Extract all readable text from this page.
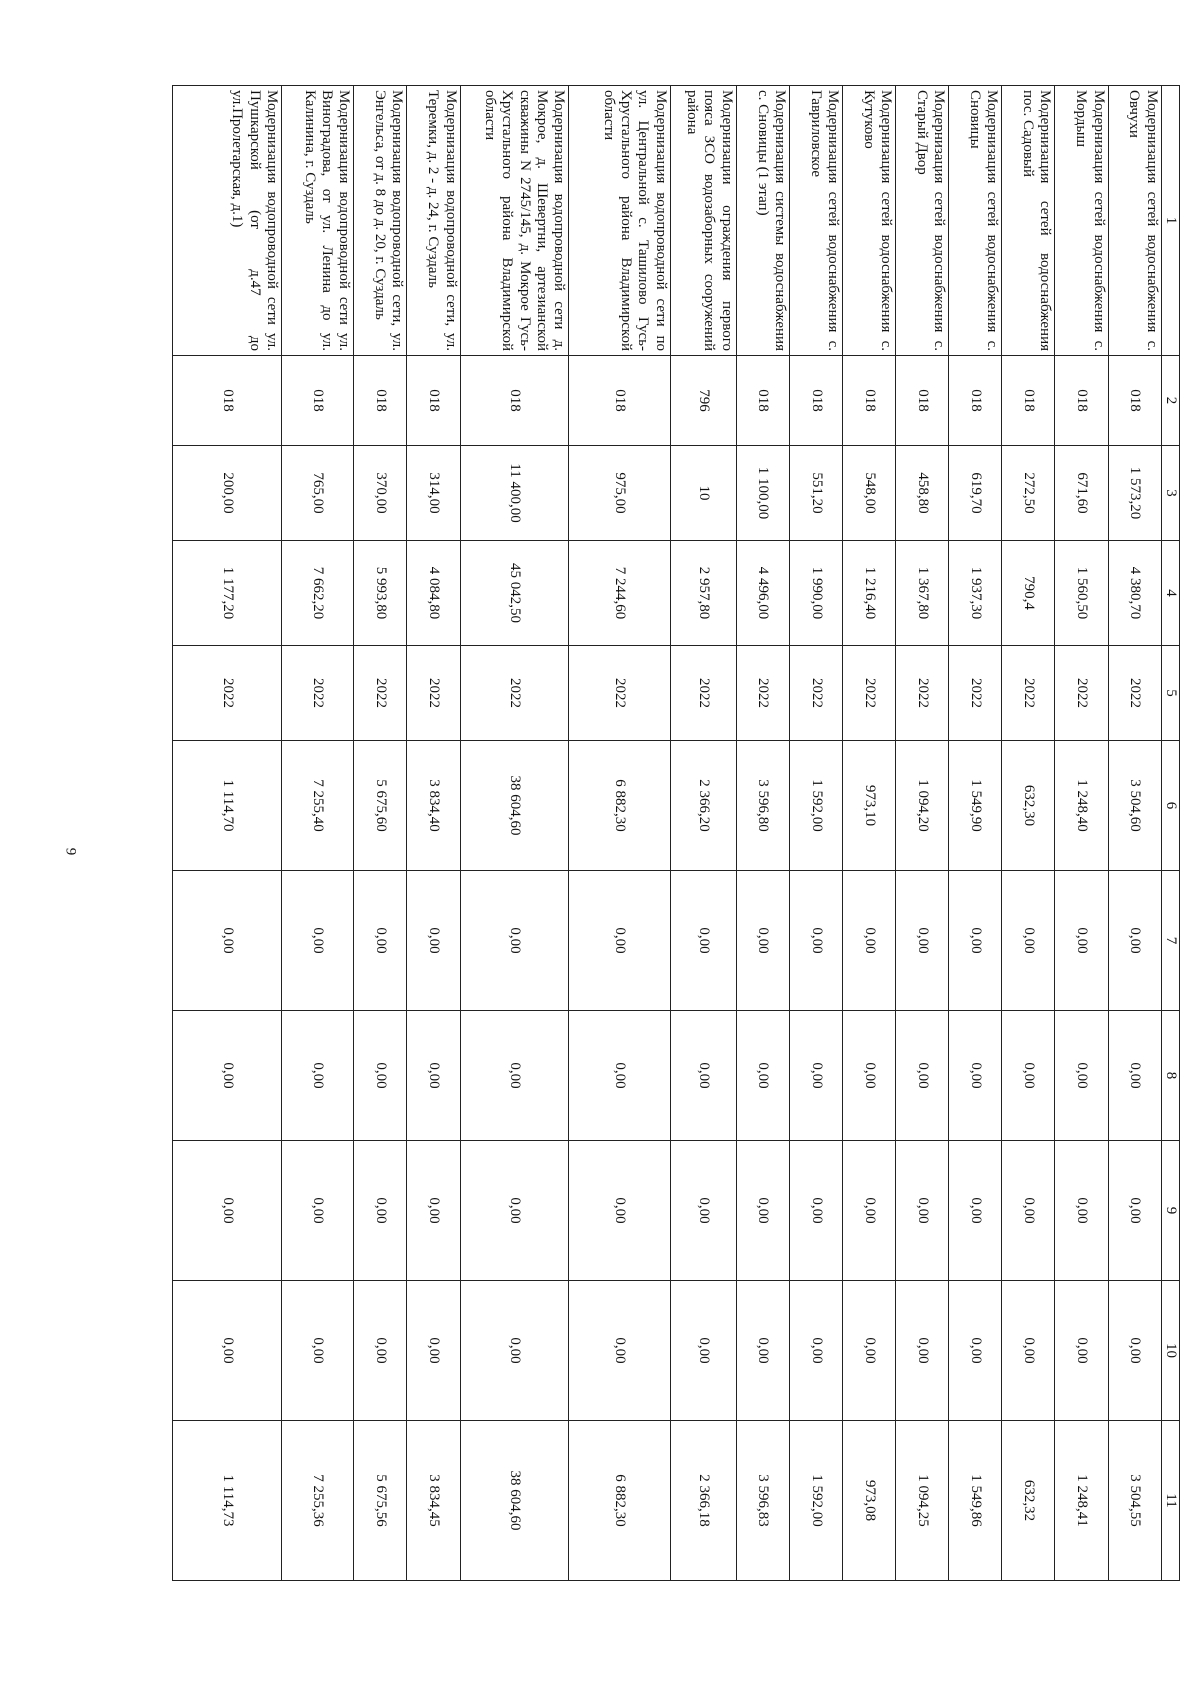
9
1	2	3	4	5	6	7	8	9	10	11
Модернизация сетей водоснабжения с. Овчухи	018	1 573,20	4 380,70	2022	3 504,60	0,00	0,00	0,00	0,00	3 504,55
Модернизация сетей водоснабжения с. Мордыш	018	671,60	1 560,50	2022	1 248,40	0,00	0,00	0,00	0,00	1 248,41
Модернизация сетей водоснабжения пос. Садовый	018	272,50	790,4	2022	632,30	0,00	0,00	0,00	0,00	632,32
Модернизация сетей водоснабжения с. Сновицы	018	619,70	1 937,30	2022	1 549,90	0,00	0,00	0,00	0,00	1 549,86
Модернизация сетей водоснабжения с. Старый Двор	018	458,80	1 367,80	2022	1 094,20	0,00	0,00	0,00	0,00	1 094,25
Модернизация сетей водоснабжения с. Кутуково	018	548,00	1 216,40	2022	973,10	0,00	0,00	0,00	0,00	973,08
Модернизация сетей водоснабжения с. Гавриловское	018	551,20	1 990,00	2022	1 592,00	0,00	0,00	0,00	0,00	1 592,00
Модернизация системы водоснабжения с. Сновицы (1 этап)	018	1 100,00	4 496,00	2022	3 596,80	0,00	0,00	0,00	0,00	3 596,83
Модернизации ограждения первого пояса ЗСО водозаборных сооружений района	796	10	2 957,80	2022	2 366,20	0,00	0,00	0,00	0,00	2 366,18
Модернизация водопроводной сети по ул. Центральной с. Ташилово Гусь-Хрустального района Владимирской области	018	975,00	7 244,60	2022	6 882,30	0,00	0,00	0,00	0,00	6 882,30
Модернизация водопроводной сети д. Мокрое, д. Шевертни, артезианской скважины N 2745/145, д. Мокрое Гусь-Хрустального района Владимирской области	018	11 400,00	45 042,50	2022	38 604,60	0,00	0,00	0,00	0,00	38 604,60
Модернизация водопроводной сети, ул. Теремки, д. 2 - д. 24, г. Суздаль	018	314,00	4 084,80	2022	3 834,40	0,00	0,00	0,00	0,00	3 834,45
Модернизация водопроводной сети, ул. Энгельса, от д. 8 до д. 20, г. Суздаль	018	370,00	5 993,80	2022	5 675,60	0,00	0,00	0,00	0,00	5 675,56
Модернизация водопроводной сети ул. Виноградова, от ул. Ленина до ул. Калинина, г. Суздаль	018	765,00	7 662,20	2022	7 255,40	0,00	0,00	0,00	0,00	7 255,36
Модернизация водопроводной сети ул. Пушкарской (от д.47 до ул.Пролетарская, д.1)	018	200,00	1 177,20	2022	1 114,70	0,00	0,00	0,00	0,00	1 114,73
